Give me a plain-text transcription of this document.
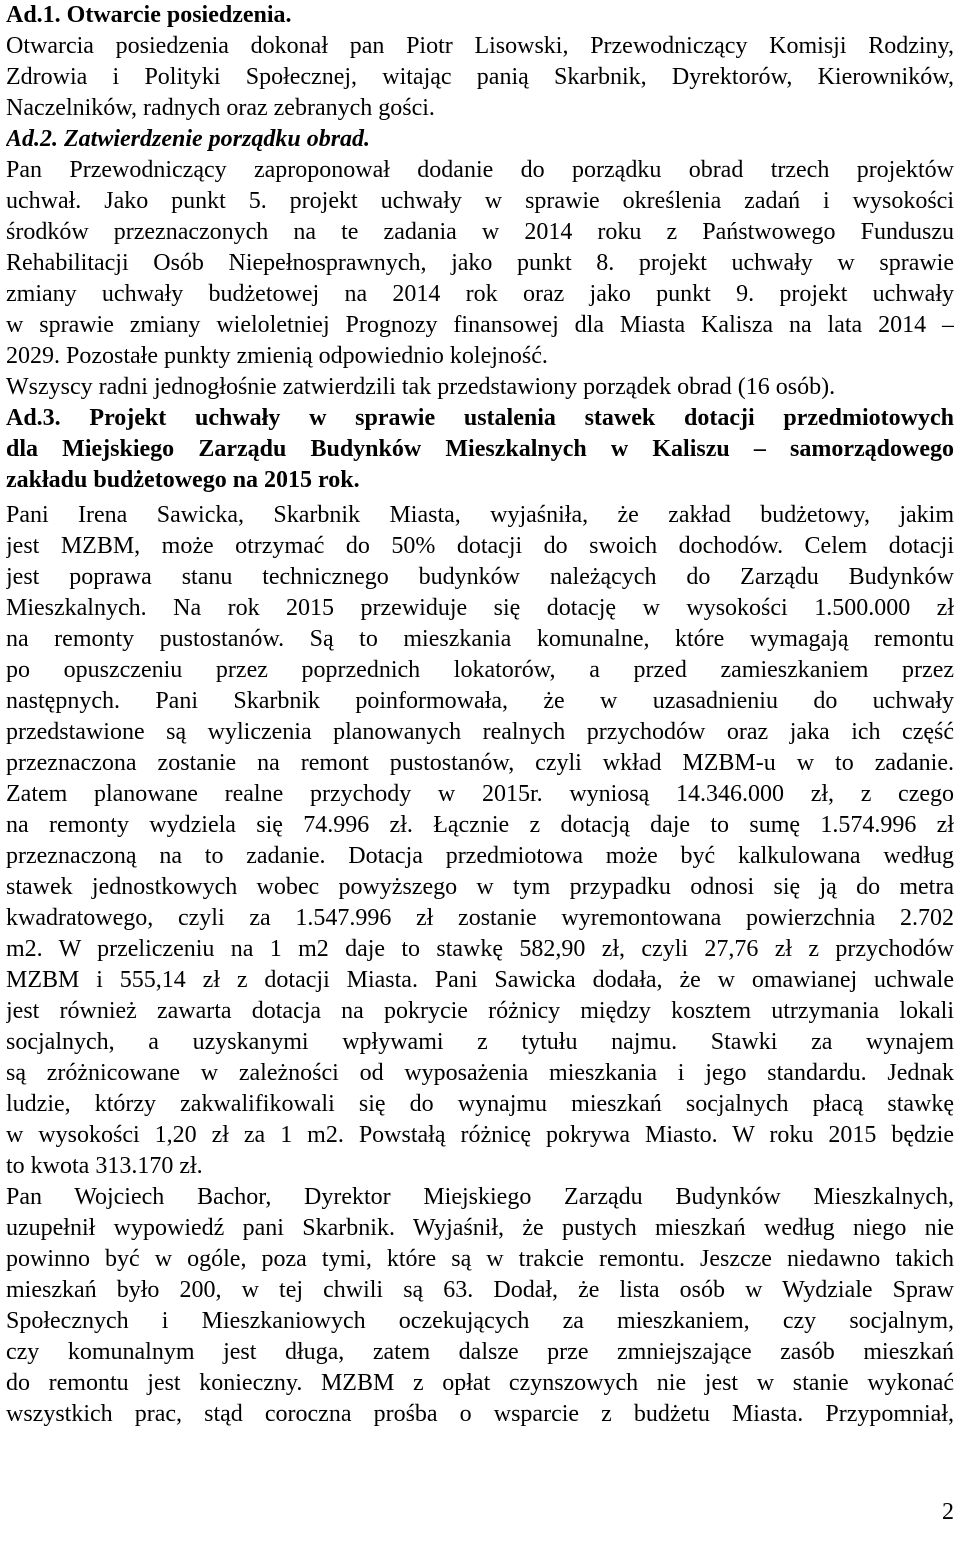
Ad.1. Otwarcie posiedzenia.
Otwarcia posiedzenia dokonał pan Piotr Lisowski, Przewodniczący Komisji Rodziny,
Zdrowia i Polityki Społecznej, witając panią Skarbnik, Dyrektorów, Kierowników,
Naczelników, radnych oraz zebranych gości.
Ad.2. Zatwierdzenie porządku obrad.
Pan Przewodniczący zaproponował dodanie do porządku obrad trzech projektów
uchwał. Jako punkt 5. projekt uchwały w sprawie określenia zadań i wysokości
środków przeznaczonych na te zadania w 2014 roku z Państwowego Funduszu
Rehabilitacji Osób Niepełnosprawnych, jako punkt 8. projekt uchwały w sprawie
zmiany uchwały budżetowej na 2014 rok oraz jako punkt 9. projekt uchwały
w sprawie zmiany wieloletniej Prognozy finansowej dla Miasta Kalisza na lata 2014 –
2029. Pozostałe punkty zmienią odpowiednio kolejność.
Wszyscy radni jednogłośnie zatwierdzili tak przedstawiony porządek obrad (16 osób).
Ad.3. Projekt uchwały w sprawie ustalenia stawek dotacji przedmiotowych
dla Miejskiego Zarządu Budynków Mieszkalnych w Kaliszu – samorządowego
zakładu budżetowego na 2015 rok.
Pani Irena Sawicka, Skarbnik Miasta, wyjaśniła, że zakład budżetowy, jakim
jest MZBM, może otrzymać do 50% dotacji do swoich dochodów. Celem dotacji
jest poprawa stanu technicznego budynków należących do Zarządu Budynków
Mieszkalnych. Na rok 2015 przewiduje się dotację w wysokości 1.500.000 zł
na remonty pustostanów. Są to mieszkania komunalne, które wymagają remontu
po opuszczeniu przez poprzednich lokatorów, a przed zamieszkaniem przez
następnych. Pani Skarbnik poinformowała, że w uzasadnieniu do uchwały
przedstawione są wyliczenia planowanych realnych przychodów oraz jaka ich część
przeznaczona zostanie na remont pustostanów, czyli wkład MZBM-u w to zadanie.
Zatem planowane realne przychody w 2015r. wyniosą 14.346.000 zł, z czego
na remonty wydziela się 74.996 zł. Łącznie z dotacją daje to sumę 1.574.996 zł
przeznaczoną na to zadanie. Dotacja przedmiotowa może być kalkulowana według
stawek jednostkowych wobec powyższego w tym przypadku odnosi się ją do metra
kwadratowego, czyli za 1.547.996 zł zostanie wyremontowana powierzchnia 2.702
m2. W przeliczeniu na 1 m2 daje to stawkę 582,90 zł, czyli 27,76 zł z przychodów
MZBM i 555,14 zł z dotacji Miasta. Pani Sawicka dodała, że w omawianej uchwale
jest również zawarta dotacja na pokrycie różnicy między kosztem utrzymania lokali
socjalnych, a uzyskanymi wpływami z tytułu najmu. Stawki za wynajem
są zróżnicowane w zależności od wyposażenia mieszkania i jego standardu. Jednak
ludzie, którzy zakwalifikowali się do wynajmu mieszkań socjalnych płacą stawkę
w wysokości 1,20 zł za 1 m2. Powstałą różnicę pokrywa Miasto. W roku 2015 będzie
to kwota 313.170 zł.
Pan Wojciech Bachor, Dyrektor Miejskiego Zarządu Budynków Mieszkalnych,
uzupełnił wypowiedź pani Skarbnik. Wyjaśnił, że pustych mieszkań według niego nie
powinno być w ogóle, poza tymi, które są w trakcie remontu. Jeszcze niedawno takich
mieszkań było 200, w tej chwili są 63. Dodał, że lista osób w Wydziale Spraw
Społecznych i Mieszkaniowych oczekujących za mieszkaniem, czy socjalnym,
czy komunalnym jest długa, zatem dalsze prze zmniejszające zasób mieszkań
do remontu jest konieczny. MZBM z opłat czynszowych nie jest w stanie wykonać
wszystkich prac, stąd coroczna prośba o wsparcie z budżetu Miasta. Przypomniał,
2
